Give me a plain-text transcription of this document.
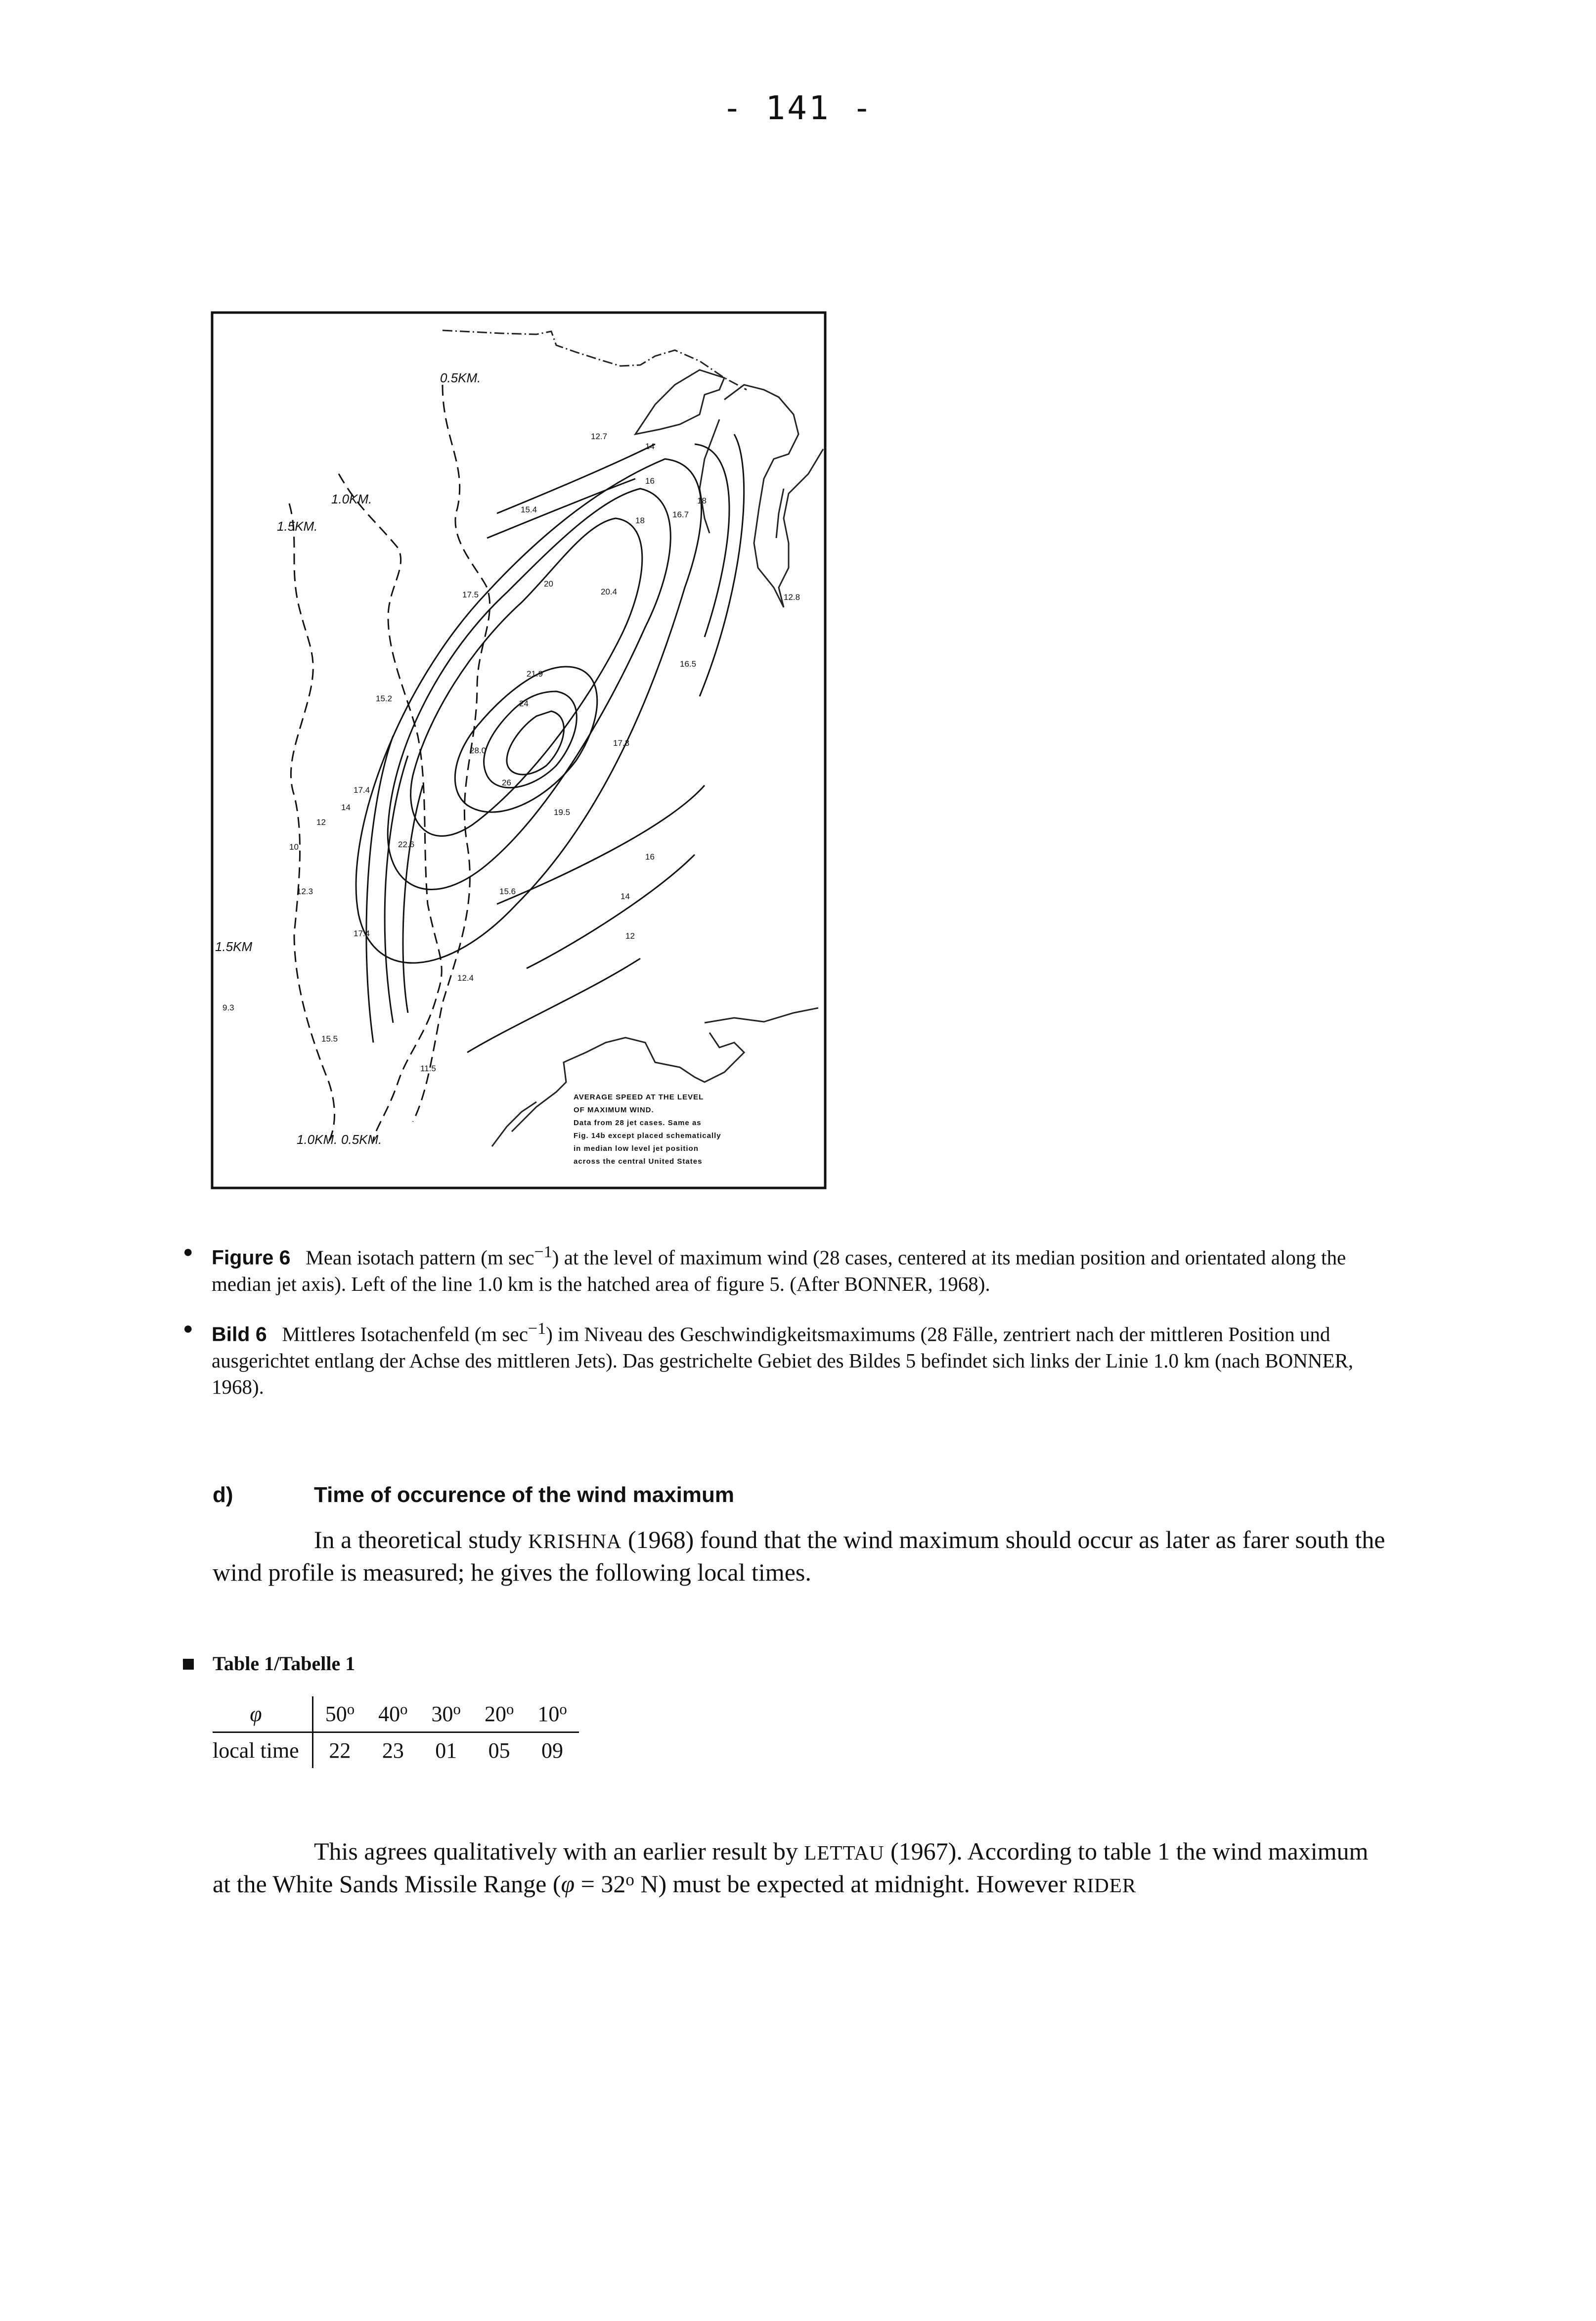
- 141 -
12.7
14
16
15.4
18
16.7
18
17.5
20
20.4
12.8
21.9
24
16.5
17.3
28.0
26
15.2
17.4
12
10
14
12.3
19.5
22.6
16
15.6
14
12
17.4
12.4
9.3
15.5
11.5
0.5KM.
1.0KM.
1.5KM.
1.5KM
1.0KM. 0.5KM.
AVERAGE SPEED AT THE LEVEL
OF MAXIMUM WIND.
Data from 28 jet cases. Same as
Fig. 14b except placed schematically
in median low level jet position
across the central United States
● Figure 6 Mean isotach pattern (m $\sec^{-1}$) at the level of maximum wind (28 cases, centered at its median position and orientated along the median jet axis). Left of the line 1.0 km is the hatched area of figure 5. (After BONNER, 1968).
● Bild 6 Mittleres Isotachenfeld (m $\sec^{-1}$) im Niveau des Geschwindigkeitsmaximums (28 Fälle, zentriert nach der mittleren Position und ausgerichtet entlang der Achse des mittleren Jets). Das gestrichelte Gebiet des Bildes 5 befindet sich links der Linie 1.0 km (nach BONNER, 1968).
d)	Time of occurence of the wind maximum
In a theoretical study KRISHNA (1968) found that the wind maximum should occur as later as farer south the wind profile is measured; he gives the following local times.
Table 1/Tabelle 1
φ	50$^o$	40$^o$	30$^o$	20$^o$	10$^o$
local time	22	23	01	05	09
This agrees qualitatively with an earlier result by LETTAU (1967). According to table 1 the wind maximum at the White Sands Missile Range ($\varphi = 32^o$ N) must be expected at midnight. However RIDER
